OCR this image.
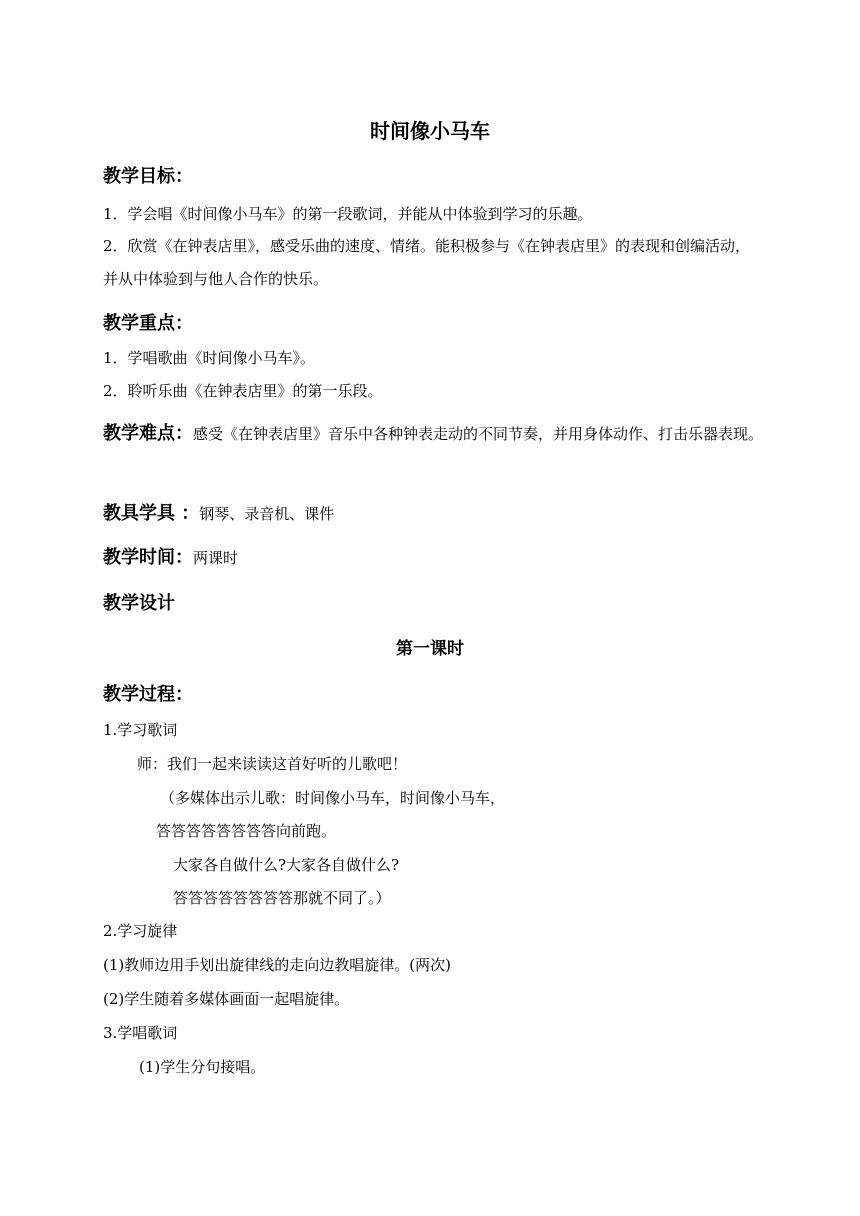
时间像小马车
教学目标：
1．学会唱《时间像小马车》的第一段歌词，并能从中体验到学习的乐趣。
2．欣赏《在钟表店里》，感受乐曲的速度、情绪。能积极参与《在钟表店里》的表现和创编活动，并从中体验到与他人合作的快乐。
教学重点：
1．学唱歌曲《时间像小马车》。
2．聆听乐曲《在钟表店里》的第一乐段。
教学难点：感受《在钟表店里》音乐中各种钟表走动的不同节奏，并用身体动作、打击乐器表现。
教具学具 ：钢琴、录音机、课件
教学时间：两课时
教学设计
第一课时
教学过程：
1.学习歌词
师：我们一起来读读这首好听的儿歌吧！
（多媒体出示儿歌：时间像小马车，时间像小马车，
答答答答答答答答向前跑。
大家各自做什么?大家各自做什么?
答答答答答答答答那就不同了。）
2.学习旋律
(1)教师边用手划出旋律线的走向边教唱旋律。(两次)
(2)学生随着多媒体画面一起唱旋律。
3.学唱歌词
(1)学生分句接唱。
